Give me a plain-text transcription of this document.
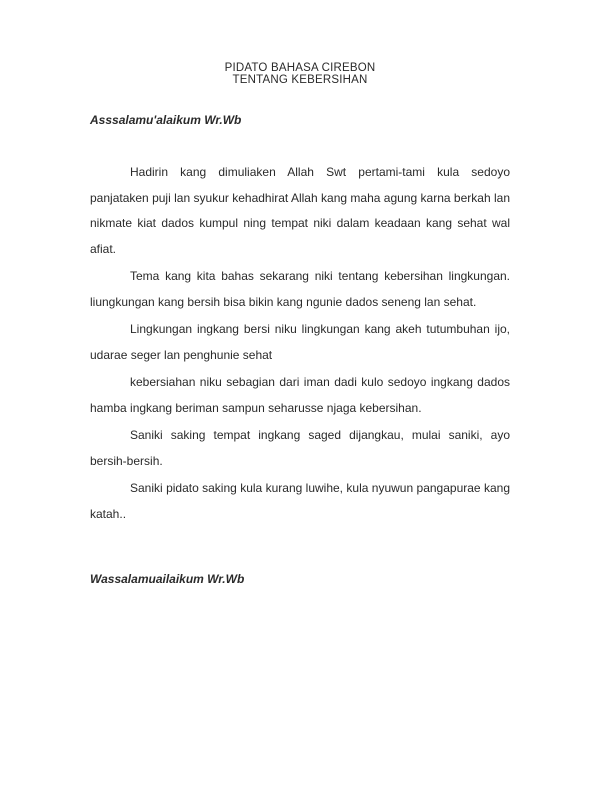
PIDATO BAHASA CIREBON
TENTANG KEBERSIHAN
Asssalamu'alaikum Wr.Wb

Hadirin kang dimuliaken Allah Swt pertami-tami kula sedoyo panjataken puji lan syukur kehadhirat Allah kang maha agung karna berkah lan nikmate kiat dados kumpul ning tempat niki dalam keadaan kang sehat wal afiat.

Tema kang kita bahas sekarang niki tentang kebersihan lingkungan. liungkungan kang bersih bisa bikin kang ngunie dados seneng lan sehat.

Lingkungan ingkang bersi niku lingkungan kang akeh tutumbuhan ijo, udarae seger lan penghunie sehat

kebersiahan niku sebagian dari iman dadi kulo sedoyo ingkang dados hamba ingkang beriman sampun seharusse njaga kebersihan.

Saniki saking tempat ingkang saged dijangkau, mulai saniki, ayo bersih-bersih.

Saniki pidato saking kula kurang luwihe, kula nyuwun pangapurae kang katah..

Wassalamuailaikum Wr.Wb
